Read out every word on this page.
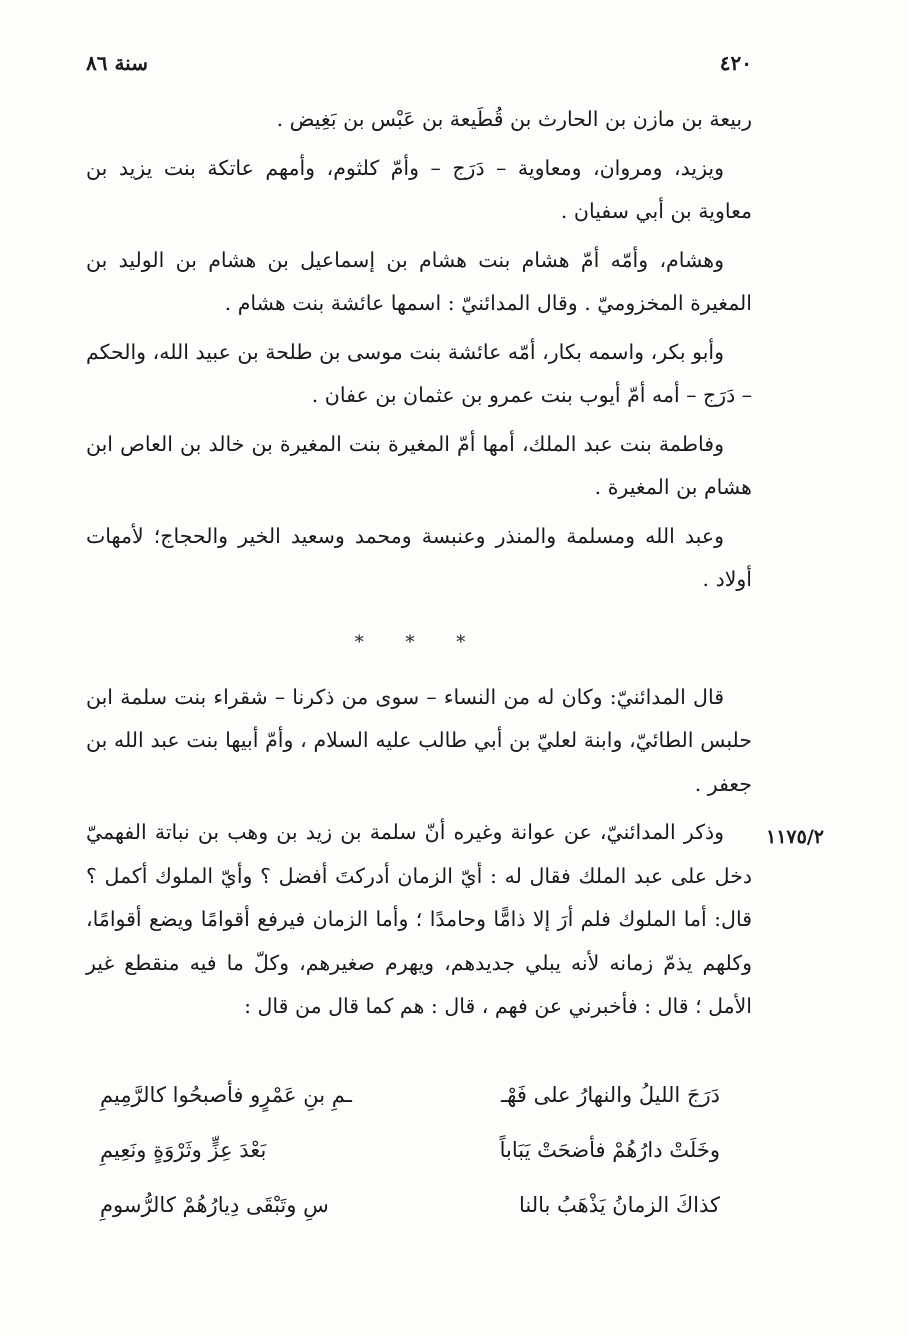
سنة ٨٦	٤٢٠
١١٧٥/٢

ربيعة بن مازن بن الحارث بن قُطَيعة بن عَبْس بن بَغِيض .

ويزيد، ومروان، ومعاوية – دَرَج – وأمّ كلثوم، وأمهم عاتكة بنت يزيد بن معاوية بن أبي سفيان .

وهشام، وأمّه أمّ هشام بنت هشام بن إسماعيل بن هشام بن الوليد بن المغيرة المخزوميّ . وقال المدائنيّ : اسمها عائشة بنت هشام .

وأبو بكر، واسمه بكار، أمّه عائشة بنت موسى بن طلحة بن عبيد الله، والحكم – دَرَج – أمه أمّ أيوب بنت عمرو بن عثمان بن عفان .

وفاطمة بنت عبد الملك، أمها أمّ المغيرة بنت المغيرة بن خالد بن العاص ابن هشام بن المغيرة .

وعبد الله ومسلمة والمنذر وعنبسة ومحمد وسعيد الخير والحجاج؛ لأمهات أولاد .

* * *

قال المدائنيّ: وكان له من النساء – سوى من ذكرنا – شقراء بنت سلمة ابن حلبس الطائيّ، وابنة لعليّ بن أبي طالب عليه السلام ، وأمّ أبيها بنت عبد الله بن جعفر .

وذكر المدائنيّ، عن عوانة وغيره أنّ سلمة بن زيد بن وهب بن نباتة الفهميّ دخل على عبد الملك فقال له : أيّ الزمان أدركتَ أفضل ؟ وأيّ الملوك أكمل ؟ قال: أما الملوك فلم أرَ إلا ذامًّا وحامدًا ؛ وأما الزمان فيرفع أقوامًا ويضع أقوامًا، وكلهم يذمّ زمانه لأنه يبلي جديدهم، ويهرم صغيرهم، وكلّ ما فيه منقطع غير الأمل ؛ قال : فأخبرني عن فهم ، قال : هم كما قال من قال :

دَرَجَ الليلُ والنهارُ على فَهْـ
ـمِ بنِ عَمْرٍو فأصبحُوا كالرَّمِيمِ
وخَلَتْ دارُهُمْ فأضحَتْ يَبَاباً
بَعْدَ عِزٍّ وثَرْوَةٍ ونَعِيمِ
كذاكَ الزمانُ يَذْهَبُ بالنا
سِ وتَبْقَى دِيارُهُمْ كالرُّسومِ
